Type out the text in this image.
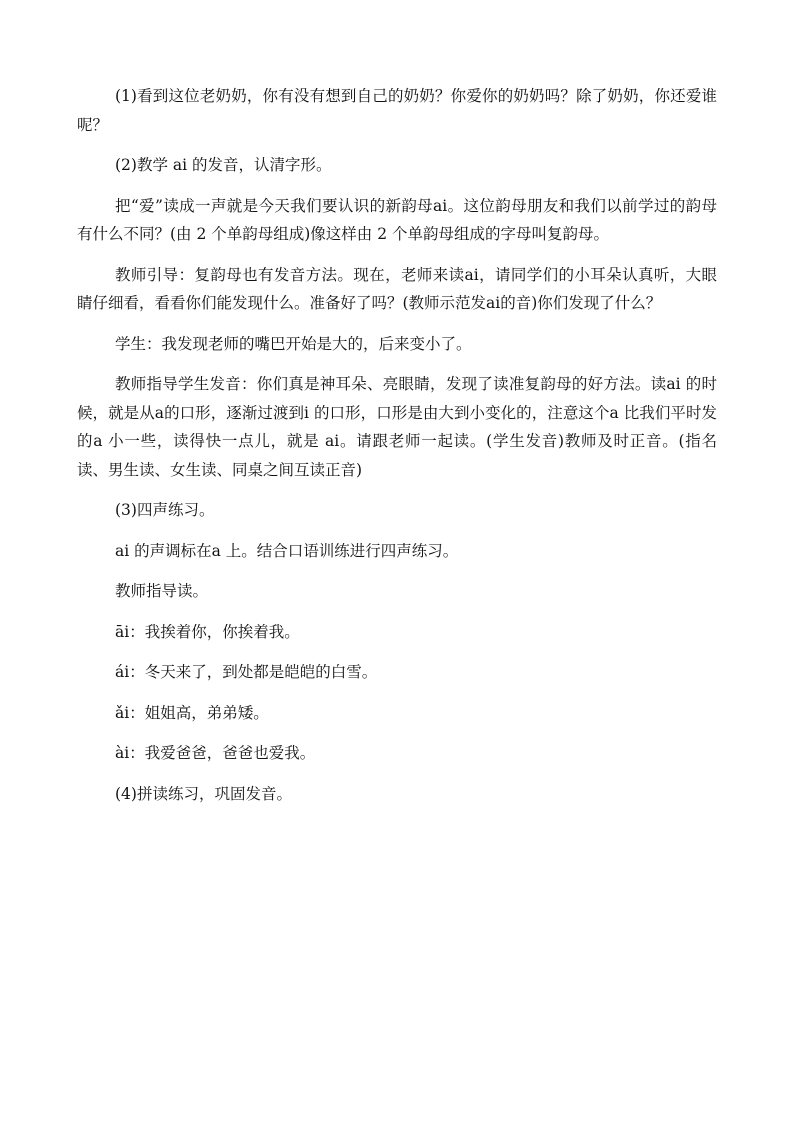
(1)看到这位老奶奶，你有没有想到自己的奶奶？你爱你的奶奶吗？除了奶奶，你还爱谁呢？

(2)教学 ai 的发音，认清字形。

把“爱”读成一声就是今天我们要认识的新韵母ai。这位韵母朋友和我们以前学过的韵母有什么不同？(由 2 个单韵母组成)像这样由 2 个单韵母组成的字母叫复韵母。

教师引导：复韵母也有发音方法。现在，老师来读ai，请同学们的小耳朵认真听，大眼睛仔细看，看看你们能发现什么。准备好了吗？(教师示范发ai的音)你们发现了什么？

学生：我发现老师的嘴巴开始是大的，后来变小了。

教师指导学生发音：你们真是神耳朵、亮眼睛，发现了读准复韵母的好方法。读ai 的时候，就是从a的口形，逐渐过渡到i 的口形，口形是由大到小变化的，注意这个a 比我们平时发的a 小一些，读得快一点儿，就是 ai。请跟老师一起读。(学生发音)教师及时正音。(指名读、男生读、女生读、同桌之间互读正音)

(3)四声练习。

ai 的声调标在a 上。结合口语训练进行四声练习。

教师指导读。

āi：我挨着你，你挨着我。

ái：冬天来了，到处都是皑皑的白雪。

ǎi：姐姐高，弟弟矮。

ài：我爱爸爸，爸爸也爱我。

(4)拼读练习，巩固发音。
